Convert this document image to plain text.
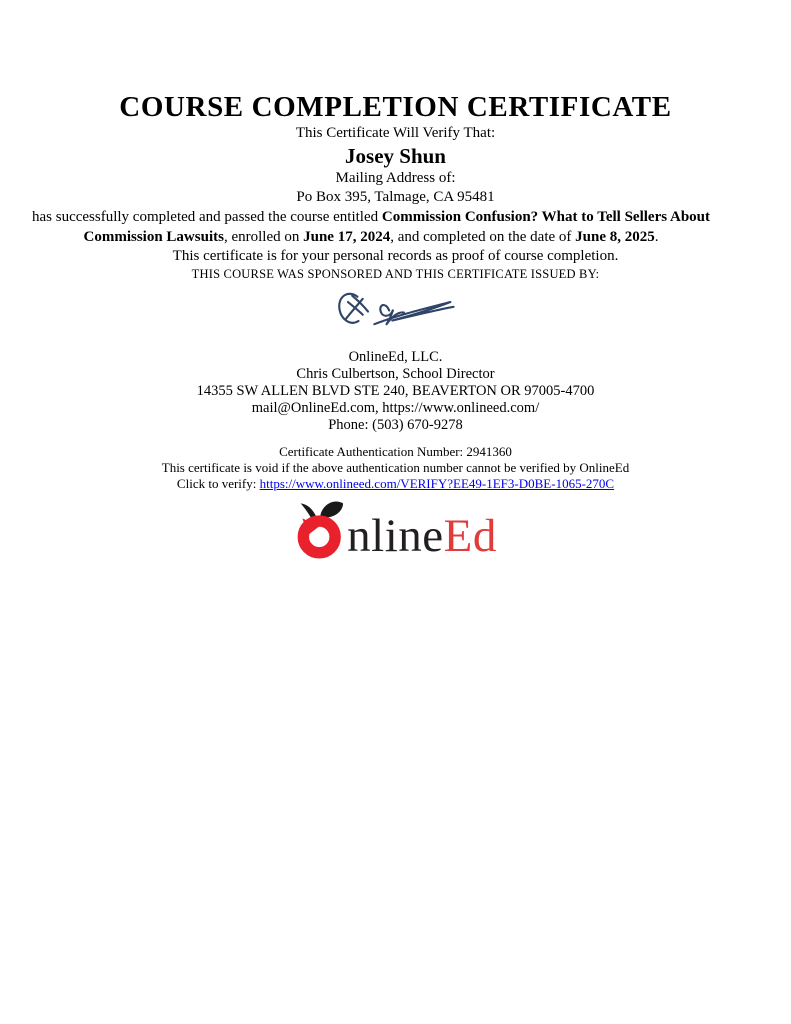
COURSE COMPLETION CERTIFICATE

This Certificate Will Verify That:

Josey Shun

Mailing Address of:

Po Box 395, Talmage, CA 95481

has successfully completed and passed the course entitled Commission Confusion? What to Tell Sellers About Commission Lawsuits, enrolled on June 17, 2024, and completed on the date of June 8, 2025.

This certificate is for your personal records as proof of course completion.

THIS COURSE WAS SPONSORED AND THIS CERTIFICATE ISSUED BY:

OnlineEd, LLC.

Chris Culbertson, School Director

14355 SW ALLEN BLVD STE 240, BEAVERTON OR 97005-4700

mail@OnlineEd.com, https://www.onlineed.com/

Phone: (503) 670-9278

Certificate Authentication Number: 2941360

This certificate is void if the above authentication number cannot be verified by OnlineEd

Click to verify: https://www.onlineed.com/VERIFY?EE49-1EF3-D0BE-1065-270C

nline Ed
